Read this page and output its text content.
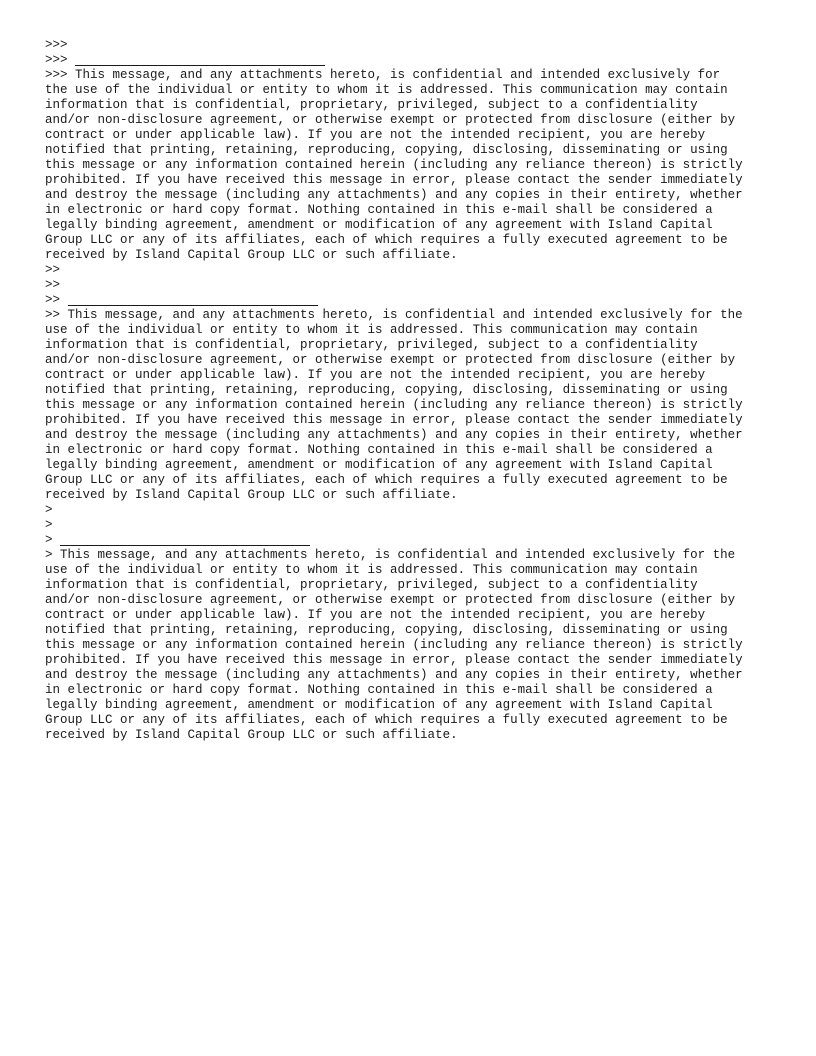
>>>
>>>
>>> This message, and any attachments hereto, is confidential and intended exclusively for
the use of the individual or entity to whom it is addressed. This communication may contain
information that is confidential, proprietary, privileged, subject to a confidentiality
and/or non-disclosure agreement, or otherwise exempt or protected from disclosure (either by
contract or under applicable law). If you are not the intended recipient, you are hereby
notified that printing, retaining, reproducing, copying, disclosing, disseminating or using
this message or any information contained herein (including any reliance thereon) is strictly
prohibited. If you have received this message in error, please contact the sender immediately
and destroy the message (including any attachments) and any copies in their entirety, whether
in electronic or hard copy format. Nothing contained in this e-mail shall be considered a
legally binding agreement, amendment or modification of any agreement with Island Capital
Group LLC or any of its affiliates, each of which requires a fully executed agreement to be
received by Island Capital Group LLC or such affiliate.
>>
>>
>>
>> This message, and any attachments hereto, is confidential and intended exclusively for the
use of the individual or entity to whom it is addressed. This communication may contain
information that is confidential, proprietary, privileged, subject to a confidentiality
and/or non-disclosure agreement, or otherwise exempt or protected from disclosure (either by
contract or under applicable law). If you are not the intended recipient, you are hereby
notified that printing, retaining, reproducing, copying, disclosing, disseminating or using
this message or any information contained herein (including any reliance thereon) is strictly
prohibited. If you have received this message in error, please contact the sender immediately
and destroy the message (including any attachments) and any copies in their entirety, whether
in electronic or hard copy format. Nothing contained in this e-mail shall be considered a
legally binding agreement, amendment or modification of any agreement with Island Capital
Group LLC or any of its affiliates, each of which requires a fully executed agreement to be
received by Island Capital Group LLC or such affiliate.
>
>
>
> This message, and any attachments hereto, is confidential and intended exclusively for the
use of the individual or entity to whom it is addressed. This communication may contain
information that is confidential, proprietary, privileged, subject to a confidentiality
and/or non-disclosure agreement, or otherwise exempt or protected from disclosure (either by
contract or under applicable law). If you are not the intended recipient, you are hereby
notified that printing, retaining, reproducing, copying, disclosing, disseminating or using
this message or any information contained herein (including any reliance thereon) is strictly
prohibited. If you have received this message in error, please contact the sender immediately
and destroy the message (including any attachments) and any copies in their entirety, whether
in electronic or hard copy format. Nothing contained in this e-mail shall be considered a
legally binding agreement, amendment or modification of any agreement with Island Capital
Group LLC or any of its affiliates, each of which requires a fully executed agreement to be
received by Island Capital Group LLC or such affiliate.
